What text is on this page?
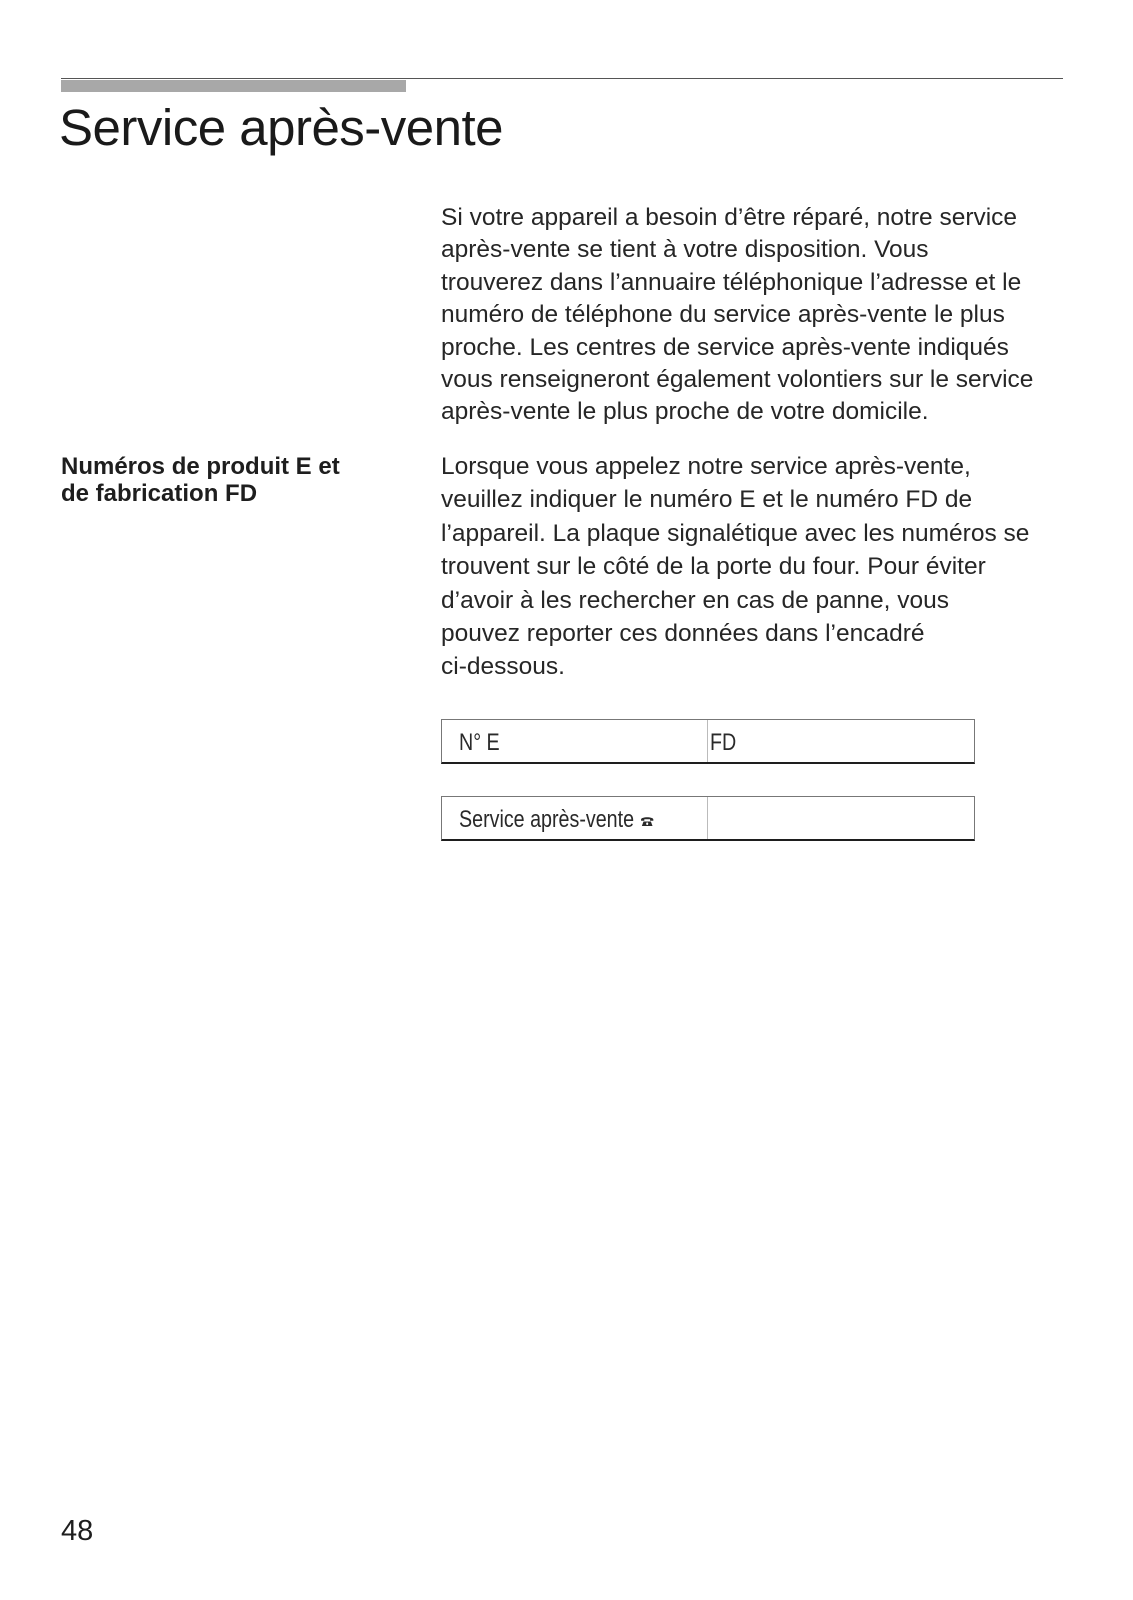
Service après-vente

Si votre appareil a besoin d’être réparé, notre service
après-vente se tient à votre disposition. Vous
trouverez dans l’annuaire téléphonique l’adresse et le
numéro de téléphone du service après-vente le plus
proche. Les centres de service après-vente indiqués
vous renseigneront également volontiers sur le service
après-vente le plus proche de votre domicile.

Numéros de produit E et
de fabrication FD

Lorsque vous appelez notre service après-vente,
veuillez indiquer le numéro E et le numéro FD de
l’appareil. La plaque signalétique avec les numéros se
trouvent sur le côté de la porte du four. Pour éviter
d’avoir à les rechercher en cas de panne, vous
pouvez reporter ces données dans l’encadré
ci-dessous.

N° E	FD
Service après-vente
48
